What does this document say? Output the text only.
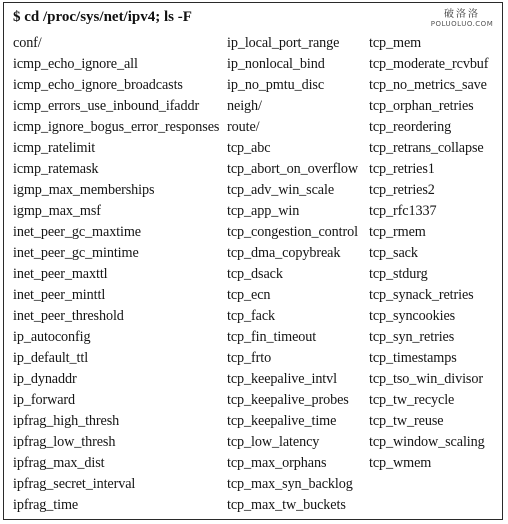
$ cd /proc/sys/net/ipv4; ls -F	破洛洛
POLUOLUO.COM
conf/
icmp_echo_ignore_all
icmp_echo_ignore_broadcasts
icmp_errors_use_inbound_ifaddr
icmp_ignore_bogus_error_responses
icmp_ratelimit
icmp_ratemask
igmp_max_memberships
igmp_max_msf
inet_peer_gc_maxtime
inet_peer_gc_mintime
inet_peer_maxttl
inet_peer_minttl
inet_peer_threshold
ip_autoconfig
ip_default_ttl
ip_dynaddr
ip_forward
ipfrag_high_thresh
ipfrag_low_thresh
ipfrag_max_dist
ipfrag_secret_interval
ipfrag_time
ip_local_port_range
ip_nonlocal_bind
ip_no_pmtu_disc
neigh/
route/
tcp_abc
tcp_abort_on_overflow
tcp_adv_win_scale
tcp_app_win
tcp_congestion_control
tcp_dma_copybreak
tcp_dsack
tcp_ecn
tcp_fack
tcp_fin_timeout
tcp_frto
tcp_keepalive_intvl
tcp_keepalive_probes
tcp_keepalive_time
tcp_low_latency
tcp_max_orphans
tcp_max_syn_backlog
tcp_max_tw_buckets
tcp_mem
tcp_moderate_rcvbuf
tcp_no_metrics_save
tcp_orphan_retries
tcp_reordering
tcp_retrans_collapse
tcp_retries1
tcp_retries2
tcp_rfc1337
tcp_rmem
tcp_sack
tcp_stdurg
tcp_synack_retries
tcp_syncookies
tcp_syn_retries
tcp_timestamps
tcp_tso_win_divisor
tcp_tw_recycle
tcp_tw_reuse
tcp_window_scaling
tcp_wmem
